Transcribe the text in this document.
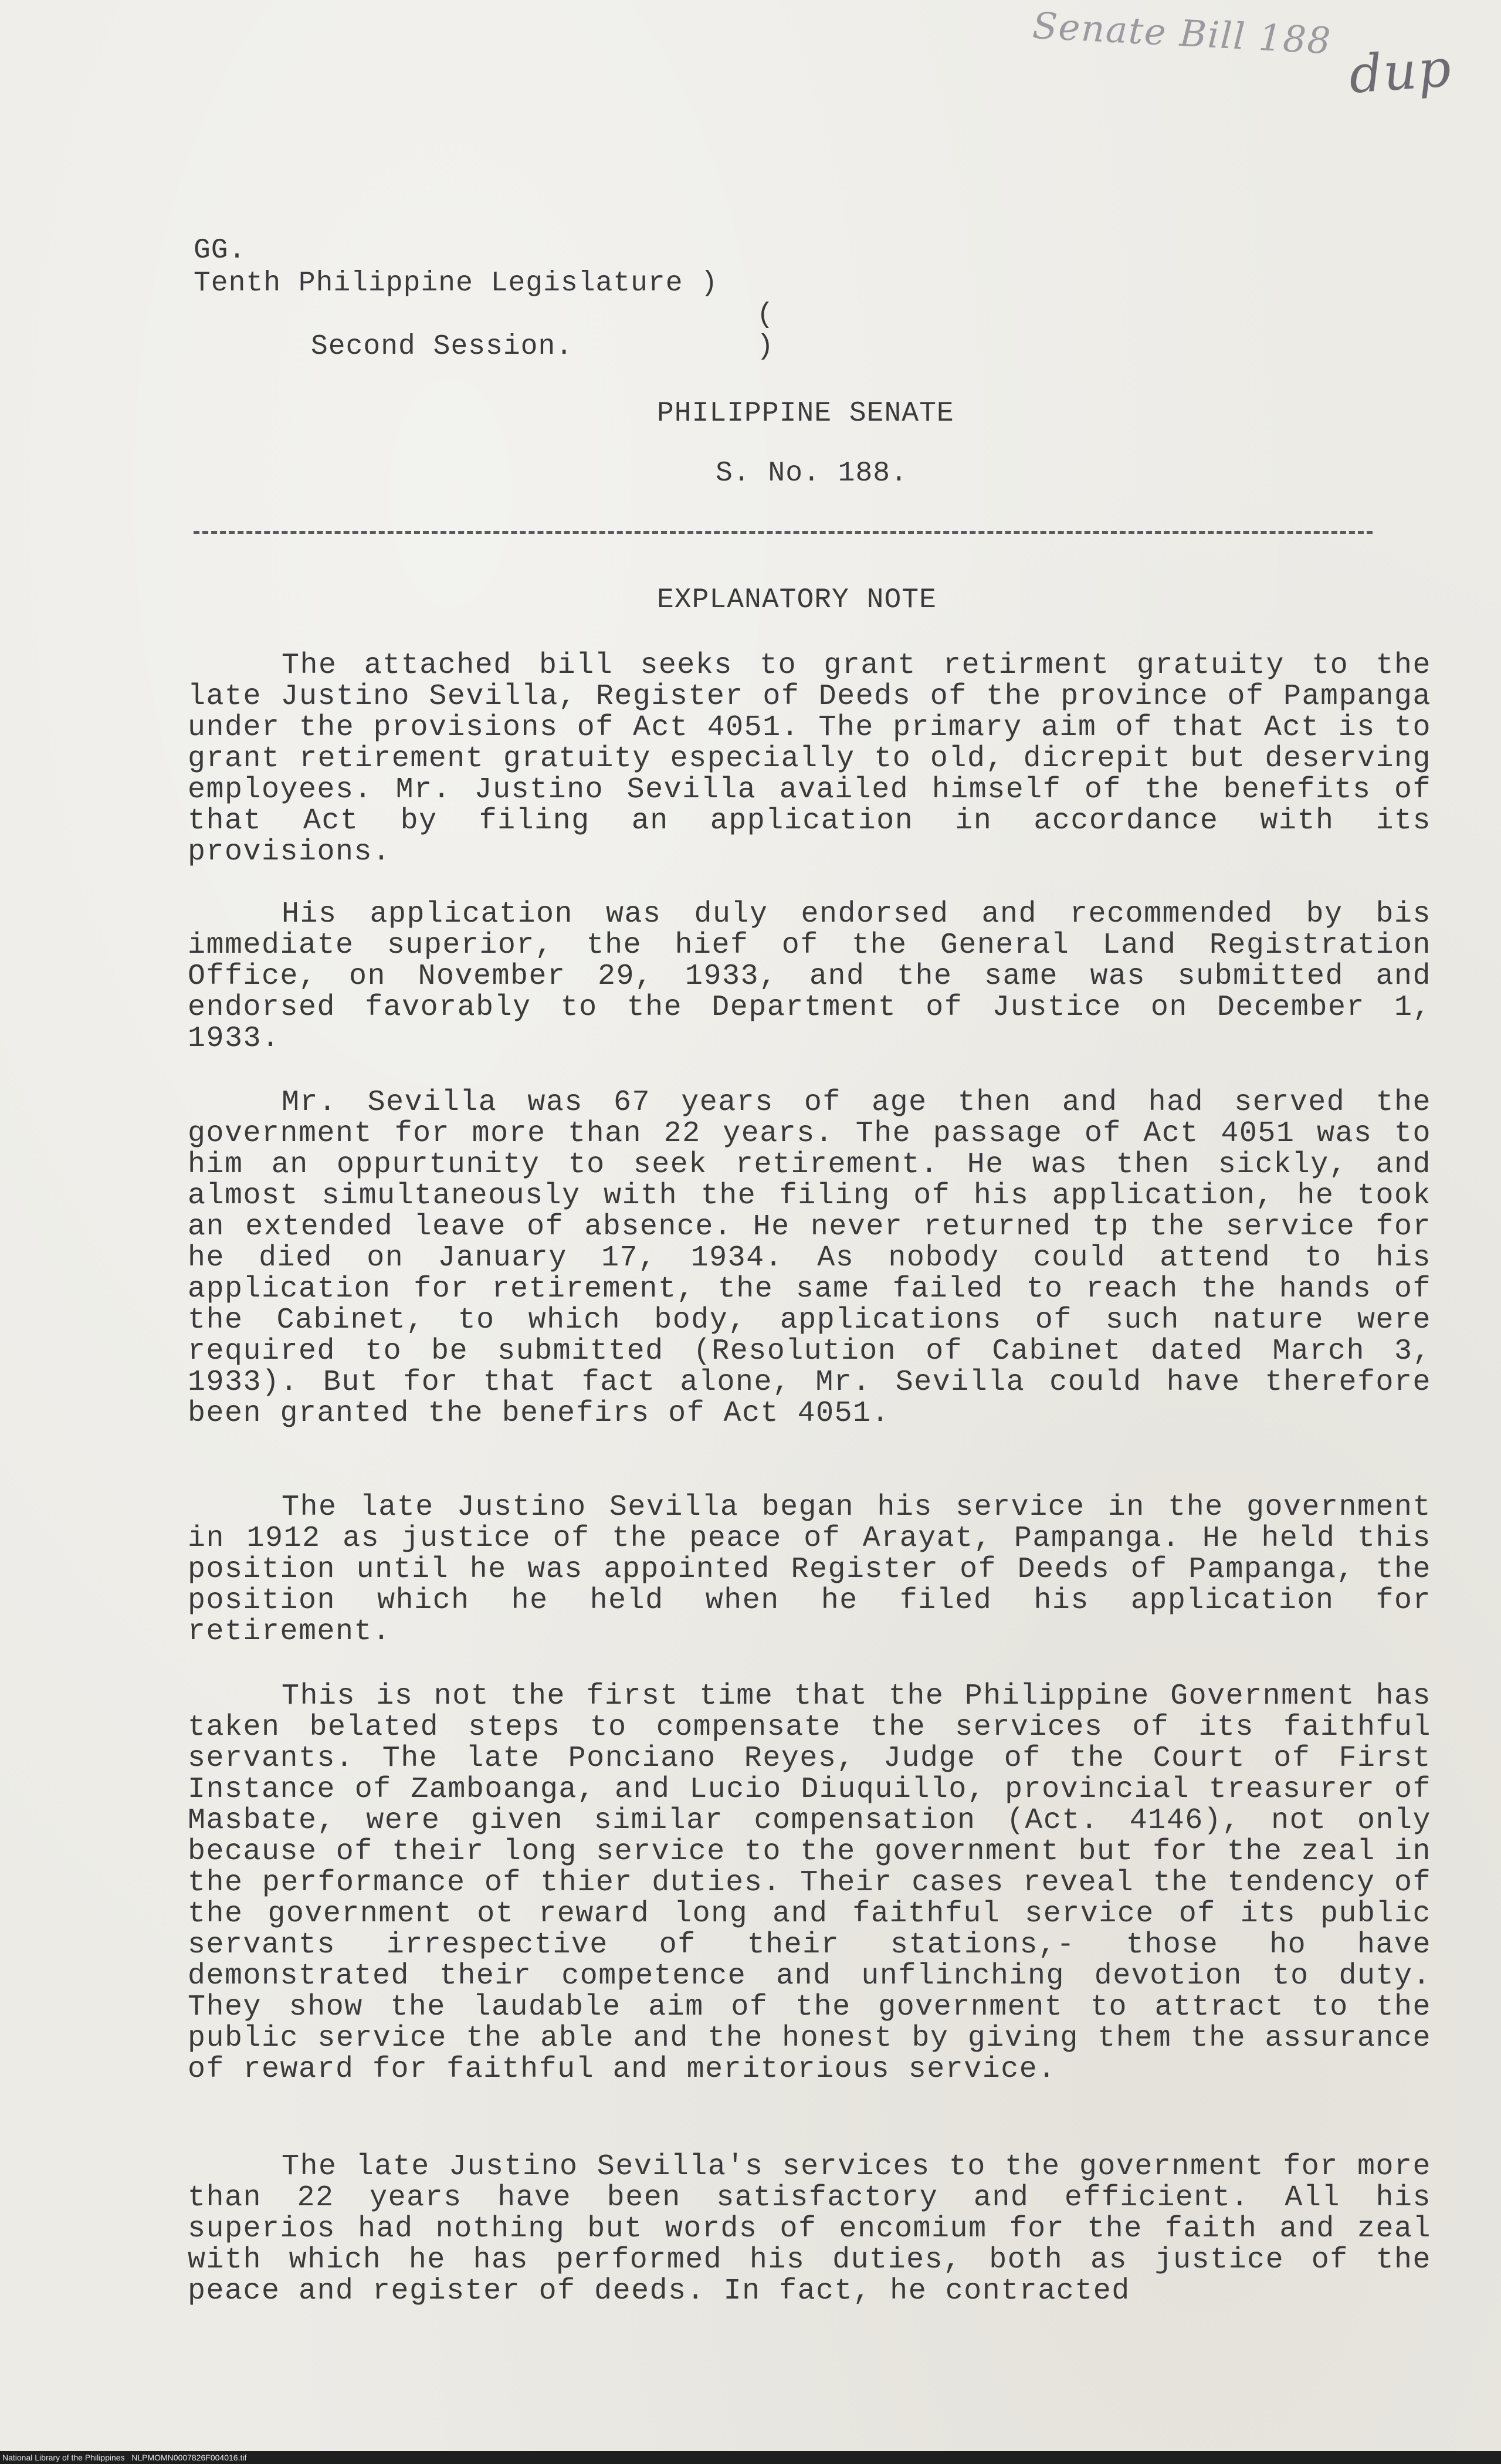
Senate Bill 188
dup
GG.
Tenth Philippine Legislature )
(
Second Session.	)
PHILIPPINE SENATE
S. No. 188.
EXPLANATORY NOTE

The attached bill seeks to grant retirment gratuity to the late Justino Sevilla, Register of Deeds of the province of Pampanga under the provisions of Act 4051. The primary aim of that Act is to grant retirement gratuity especially to old, dicrepit but deserving employees. Mr. Justino Sevilla availed himself of the benefits of that Act by filing an application in accordance with its provisions.

His application was duly endorsed and recommended by bis immediate superior, the hief of the General Land Registration Office, on November 29, 1933, and the same was submitted and endorsed favorably to the Department of Justice on December 1, 1933.

Mr. Sevilla was 67 years of age then and had served the government for more than 22 years. The passage of Act 4051 was to him an oppurtunity to seek retirement. He was then sickly, and almost simultaneously with the filing of his application, he took an extended leave of absence. He never returned tp the service for he died on January 17, 1934. As nobody could attend to his application for retirement, the same failed to reach the hands of the Cabinet, to which body, applications of such nature were required to be submitted (Resolution of Cabinet dated March 3, 1933). But for that fact alone, Mr. Sevilla could have therefore been granted the benefirs of Act 4051.

The late Justino Sevilla began his service in the government in 1912 as justice of the peace of Arayat, Pampanga. He held this position until he was appointed Register of Deeds of Pampanga, the position which he held when he filed his application for retirement.

This is not the first time that the Philippine Government has taken belated steps to compensate the services of its faithful servants. The late Ponciano Reyes, Judge of the Court of First Instance of Zamboanga, and Lucio Diuquillo, provincial treasurer of Masbate, were given similar compensation (Act. 4146), not only because of their long service to the government but for the zeal in the performance of thier duties. Their cases reveal the tendency of the government ot reward long and faithful service of its public servants irrespective of their stations,- those ho have demonstrated their competence and unflinching devotion to duty. They show the laudable aim of the government to attract to the public service the able and the honest by giving them the assurance of reward for faithful and meritorious service.

The late Justino Sevilla's services to the government for more than 22 years have been satisfactory and efficient. All his superios had nothing but words of encomium for the faith and zeal with which he has performed his duties, both as justice of the peace and register of deeds. In fact, he contracted

National Library of the Philippines   NLPMOMN0007826F004016.tif
